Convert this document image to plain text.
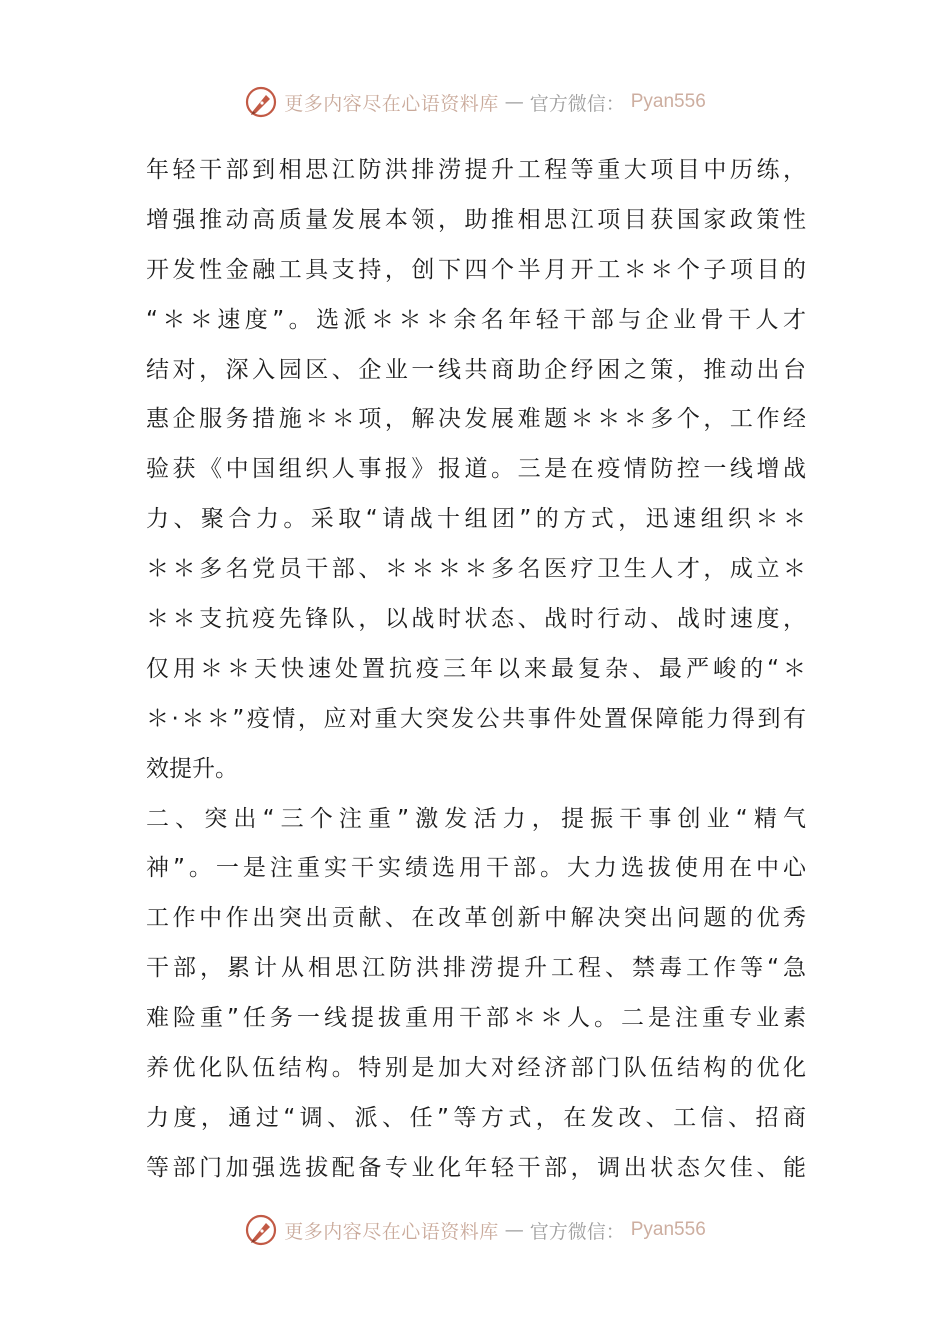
更多内容尽在心语资料库 — 官方微信： Pyan556
年轻干部到相思江防洪排涝提升工程等重大项目中历练，
增强推动高质量发展本领，助推相思江项目获国家政策性
开发性金融工具支持，创下四个半月开工＊＊个子项目的
“＊＊速度”。选派＊＊＊余名年轻干部与企业骨干人才
结对，深入园区、企业一线共商助企纾困之策，推动出台
惠企服务措施＊＊项，解决发展难题＊＊＊多个，工作经
验获《中国组织人事报》报道。三是在疫情防控一线增战
力、聚合力。采取“请战十组团”的方式，迅速组织＊＊
＊＊多名党员干部、＊＊＊＊多名医疗卫生人才，成立＊
＊＊支抗疫先锋队，以战时状态、战时行动、战时速度，
仅用＊＊天快速处置抗疫三年以来最复杂、最严峻的“＊
＊·＊＊”疫情，应对重大突发公共事件处置保障能力得到有
效提升。
二、突出“三个注重”激发活力，提振干事创业“精气
神”。一是注重实干实绩选用干部。大力选拔使用在中心
工作中作出突出贡献、在改革创新中解决突出问题的优秀
干部，累计从相思江防洪排涝提升工程、禁毒工作等“急
难险重”任务一线提拔重用干部＊＊人。二是注重专业素
养优化队伍结构。特别是加大对经济部门队伍结构的优化
力度，通过“调、派、任”等方式，在发改、工信、招商
等部门加强选拔配备专业化年轻干部，调出状态欠佳、能
更多内容尽在心语资料库 — 官方微信： Pyan556
